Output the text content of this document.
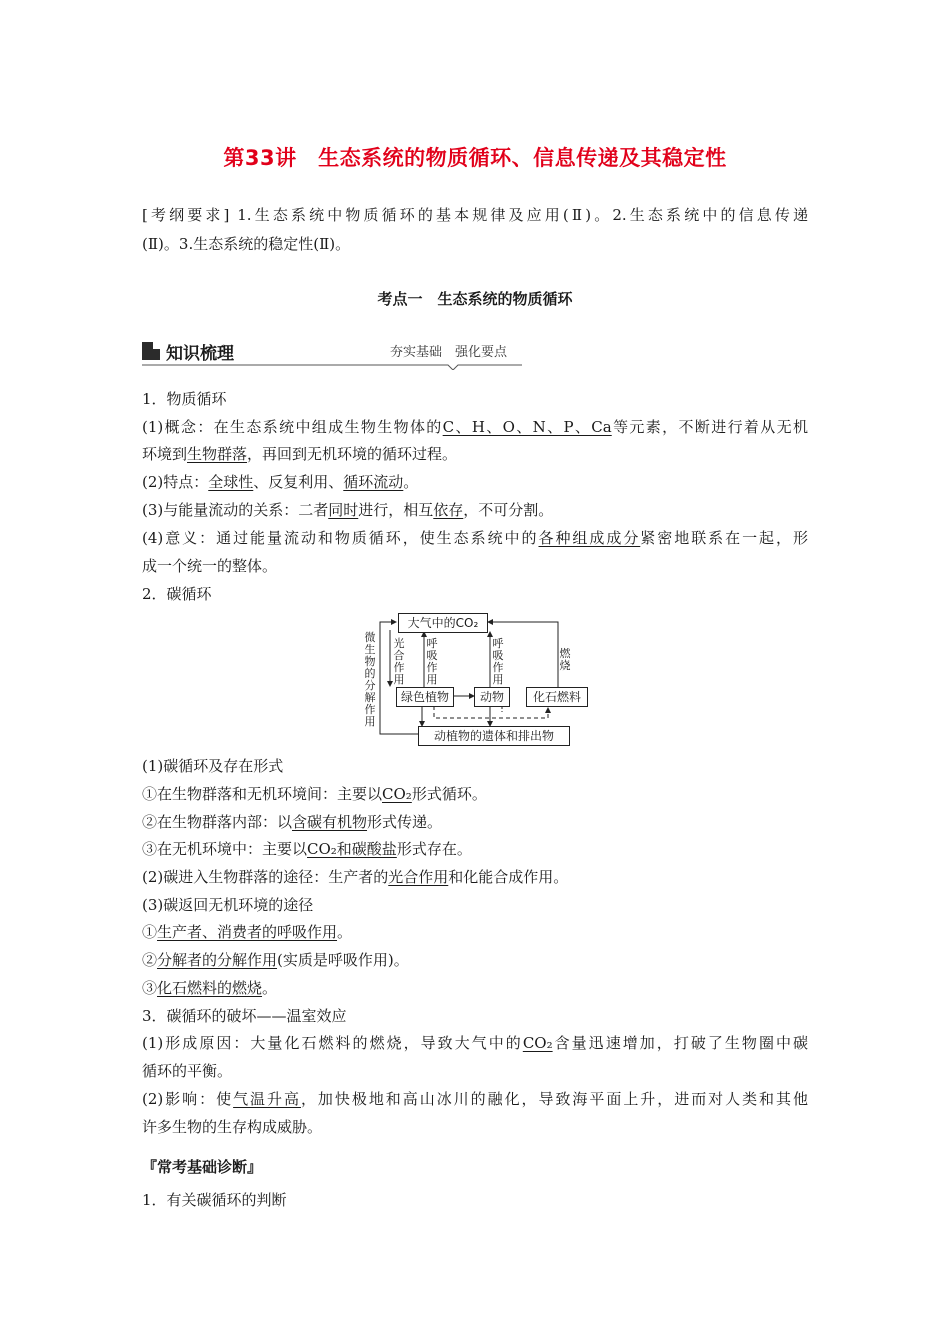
第33讲　生态系统的物质循环、信息传递及其稳定性
[考纲要求] 1.生态系统中物质循环的基本规律及应用(Ⅱ)。2.生态系统中的信息传递
(Ⅱ)。3.生态系统的稳定性(Ⅱ)。
考点一　生态系统的物质循环
知识梳理	夯实基础　强化要点
1．物质循环
(1)概念：在生态系统中组成生物生物体的C、H、O、N、P、Ca等元素，不断进行着从无机
环境到生物群落，再回到无机环境的循环过程。
(2)特点：全球性、反复利用、循环流动。
(3)与能量流动的关系：二者同时进行，相互依存，不可分割。
(4)意义：通过能量流动和物质循环，使生态系统中的各种组成成分紧密地联系在一起，形
成一个统一的整体。
2．碳循环
大气中的CO₂
绿色植物	动物	化石燃料
动植物的遗体和排出物
微生物的分解作用
光合作用
呼吸作用
呼吸作用
燃烧
(1)碳循环及存在形式
①在生物群落和无机环境间：主要以CO₂形式循环。
②在生物群落内部：以含碳有机物形式传递。
③在无机环境中：主要以CO₂和碳酸盐形式存在。
(2)碳进入生物群落的途径：生产者的光合作用和化能合成作用。
(3)碳返回无机环境的途径
①生产者、消费者的呼吸作用。
②分解者的分解作用(实质是呼吸作用)。
③化石燃料的燃烧。
3．碳循环的破坏——温室效应
(1)形成原因：大量化石燃料的燃烧，导致大气中的CO₂含量迅速增加，打破了生物圈中碳
循环的平衡。
(2)影响：使气温升高，加快极地和高山冰川的融化，导致海平面上升，进而对人类和其他
许多生物的生存构成威胁。
『常考基础诊断』
1．有关碳循环的判断
